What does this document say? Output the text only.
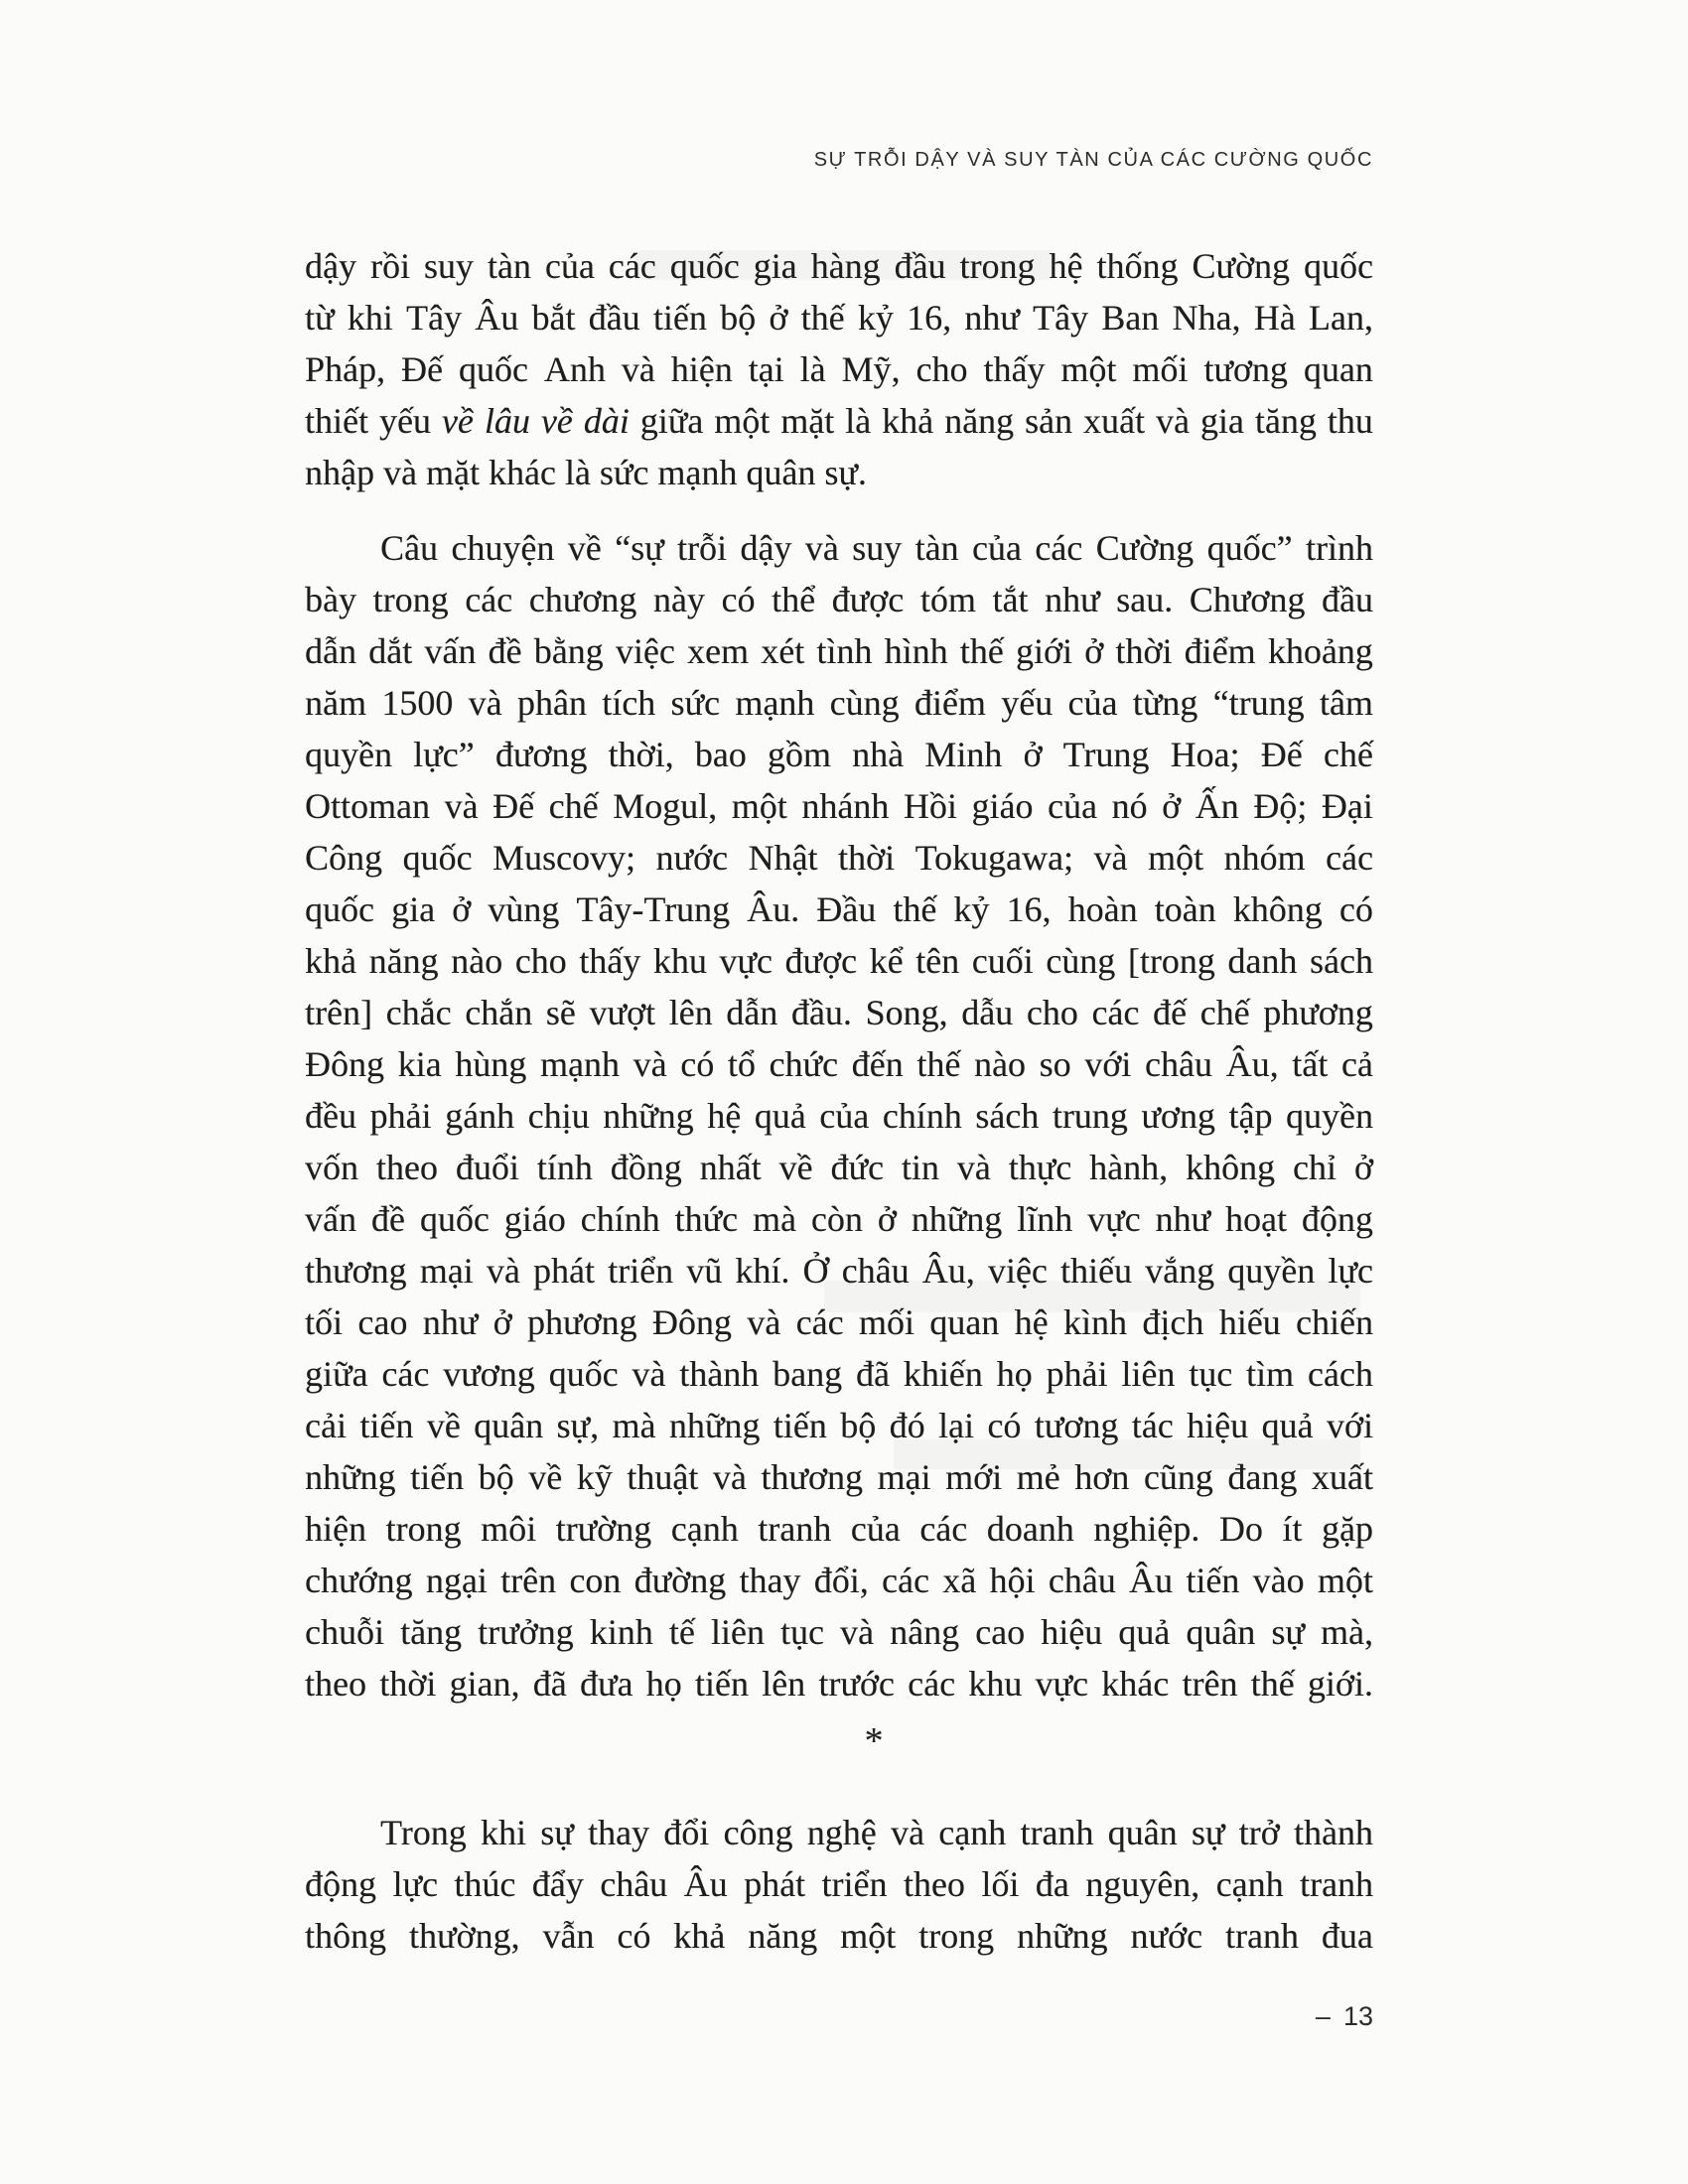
SỰ TRỖI DẬY VÀ SUY TÀN CỦA CÁC CƯỜNG QUỐC
dậy rồi suy tàn của các quốc gia hàng đầu trong hệ thống Cường quốc
từ khi Tây Âu bắt đầu tiến bộ ở thế kỷ 16, như Tây Ban Nha, Hà Lan,
Pháp, Đế quốc Anh và hiện tại là Mỹ, cho thấy một mối tương quan
thiết yếu về lâu về dài giữa một mặt là khả năng sản xuất và gia tăng thu
nhập và mặt khác là sức mạnh quân sự.
Câu chuyện về “sự trỗi dậy và suy tàn của các Cường quốc” trình
bày trong các chương này có thể được tóm tắt như sau. Chương đầu
dẫn dắt vấn đề bằng việc xem xét tình hình thế giới ở thời điểm khoảng
năm 1500 và phân tích sức mạnh cùng điểm yếu của từng “trung tâm
quyền lực” đương thời, bao gồm nhà Minh ở Trung Hoa; Đế chế
Ottoman và Đế chế Mogul, một nhánh Hồi giáo của nó ở Ấn Độ; Đại
Công quốc Muscovy; nước Nhật thời Tokugawa; và một nhóm các
quốc gia ở vùng Tây-Trung Âu. Đầu thế kỷ 16, hoàn toàn không có
khả năng nào cho thấy khu vực được kể tên cuối cùng [trong danh sách
trên] chắc chắn sẽ vượt lên dẫn đầu. Song, dẫu cho các đế chế phương
Đông kia hùng mạnh và có tổ chức đến thế nào so với châu Âu, tất cả
đều phải gánh chịu những hệ quả của chính sách trung ương tập quyền
vốn theo đuổi tính đồng nhất về đức tin và thực hành, không chỉ ở
vấn đề quốc giáo chính thức mà còn ở những lĩnh vực như hoạt động
thương mại và phát triển vũ khí. Ở châu Âu, việc thiếu vắng quyền lực
tối cao như ở phương Đông và các mối quan hệ kình địch hiếu chiến
giữa các vương quốc và thành bang đã khiến họ phải liên tục tìm cách
cải tiến về quân sự, mà những tiến bộ đó lại có tương tác hiệu quả với
những tiến bộ về kỹ thuật và thương mại mới mẻ hơn cũng đang xuất
hiện trong môi trường cạnh tranh của các doanh nghiệp. Do ít gặp
chướng ngại trên con đường thay đổi, các xã hội châu Âu tiến vào một
chuỗi tăng trưởng kinh tế liên tục và nâng cao hiệu quả quân sự mà,
theo thời gian, đã đưa họ tiến lên trước các khu vực khác trên thế giới.
*
Trong khi sự thay đổi công nghệ và cạnh tranh quân sự trở thành
động lực thúc đẩy châu Âu phát triển theo lối đa nguyên, cạnh tranh
thông thường, vẫn có khả năng một trong những nước tranh đua
– 13
